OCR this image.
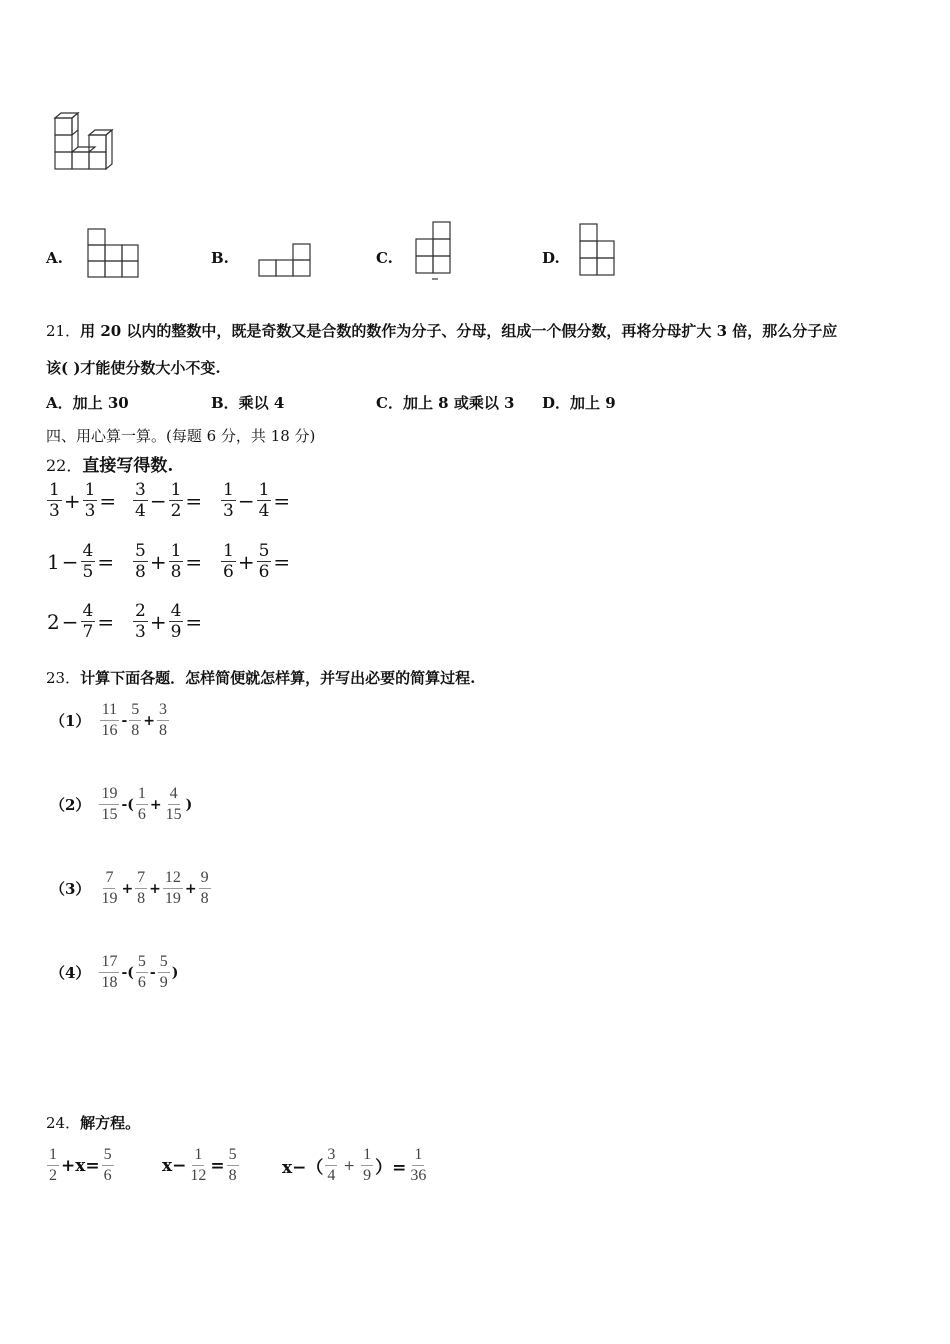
A.	B.	C.	D.
21．用 20 以内的整数中，既是奇数又是合数的数作为分子、分母，组成一个假分数，再将分母扩大 3 倍，那么分子应
该( )才能使分数大小不变.
A．加上 30	B．乘以 4	C．加上 8 或乘以 3 D．加上 9
四、用心算一算。(每题 6 分，共 18 分)
22．直接写得数.
$\frac{1}{3} + \frac{1}{3} = \frac{3}{4} - \frac{1}{2} = \frac{1}{3} - \frac{1}{4}$ =
$1 - \frac{4}{5} = \frac{5}{8} + \frac{1}{8} = \frac{1}{6} + \frac{5}{6}$ =
$2 - \frac{4}{7} = \frac{2}{3} + \frac{4}{9}$ =
23．计算下面各题．怎样简便就怎样算，并写出必要的简算过程.
$(1) \frac{11}{16} - \frac{5}{8} + \frac{3}{8}$
$(2) \frac{19}{15}$ -( $\frac{1}{6} + \frac{4}{15}$ )
$(3) \frac{7}{19} + \frac{7}{8} + \frac{12}{19} + \frac{9}{8}$
$(4) \frac{17}{18}$ -( $\frac{5}{6} - \frac{5}{9}$ )
24．解方程。
$\frac{1}{2} +x= \frac{5}{6}$	$x- \frac{1}{12} = \frac{5}{8}$	$x-( \frac{3}{4} + \frac{1}{9}$ ）= $\frac{1}{36}$
